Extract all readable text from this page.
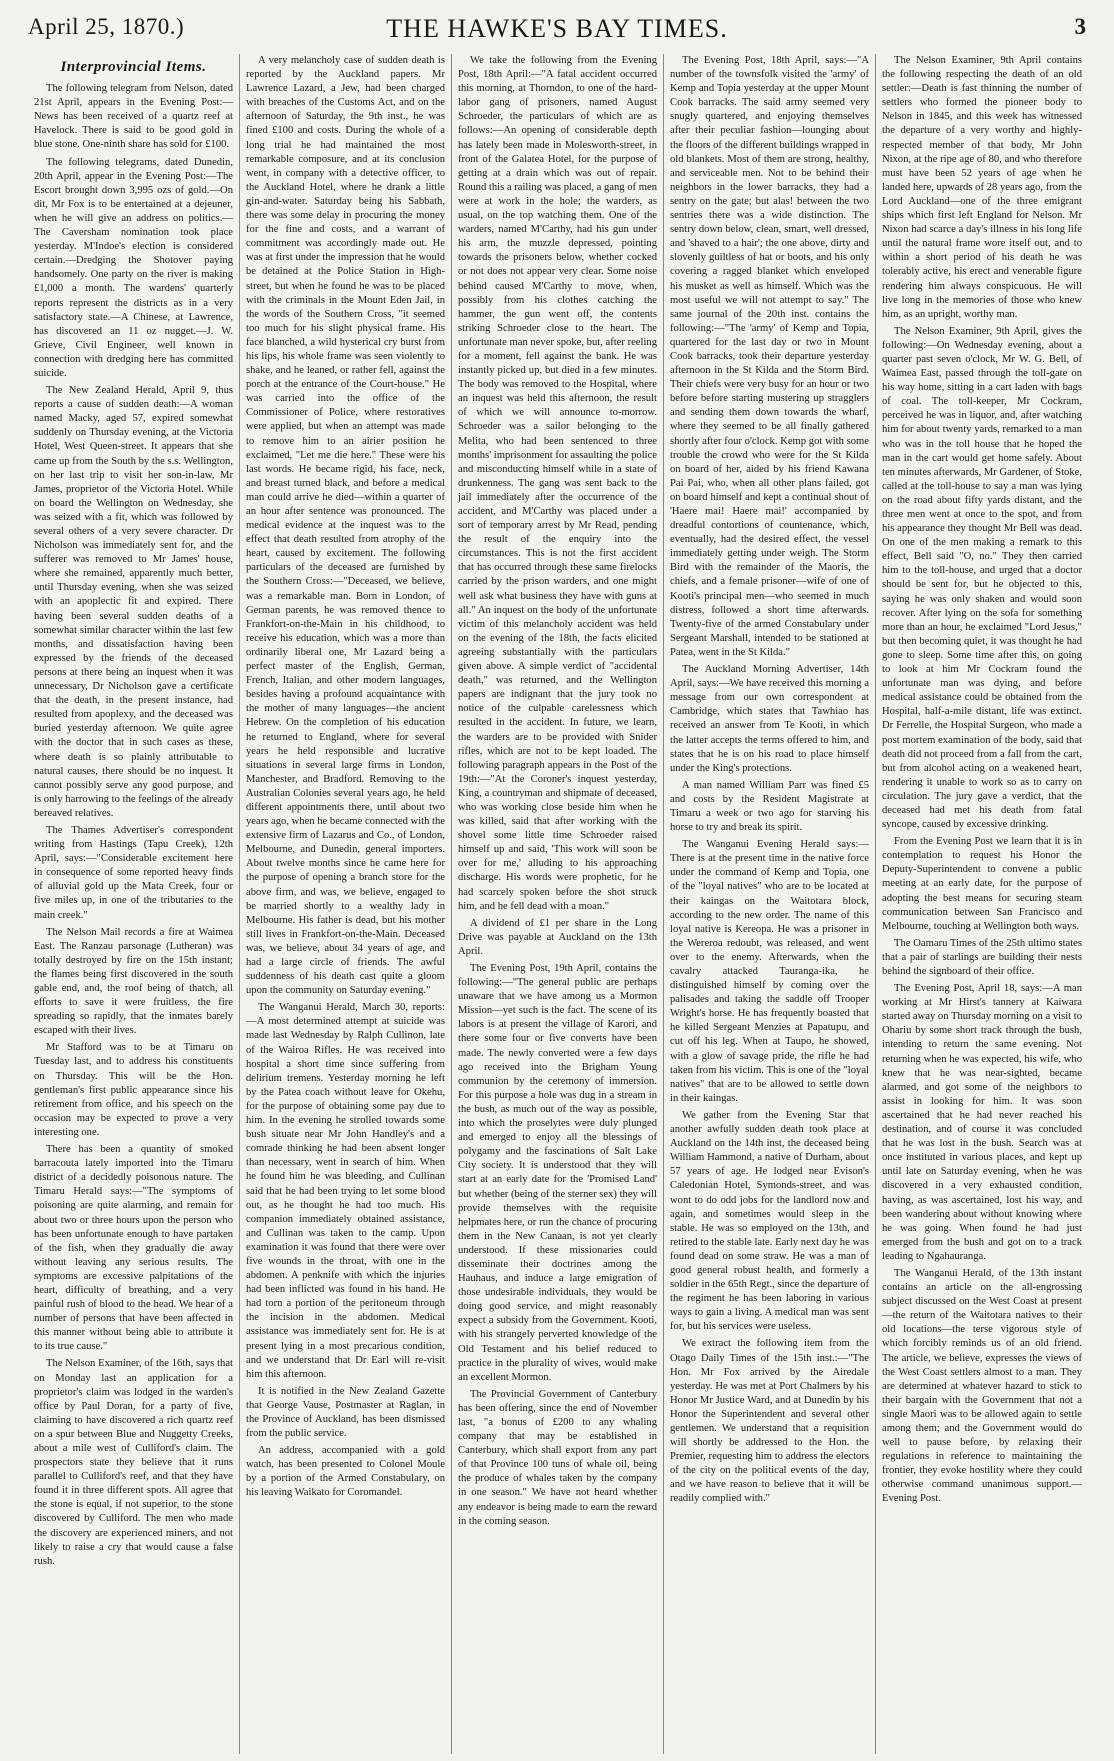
April 25, 1870.)	THE HAWKE'S BAY TIMES.	3
Interprovincial Items.

The following telegram from Nelson, dated 21st April, appears in the Evening Post:—News has been received of a quartz reef at Havelock. There is said to be good gold in blue stone. One-ninth share has sold for £100.

The following telegrams, dated Dunedin, 20th April, appear in the Evening Post:—The Escort brought down 3,995 ozs of gold.—On dit, Mr Fox is to be entertained at a dejeuner, when he will give an address on politics.—The Caversham nomination took place yesterday. M'Indoe's election is considered certain.—Dredging the Shotover paying handsomely. One party on the river is making £1,000 a month. The wardens' quarterly reports represent the districts as in a very satisfactory state.—A Chinese, at Lawrence, has discovered an 11 oz nugget.—J. W. Grieve, Civil Engineer, well known in connection with dredging here has committed suicide.

The New Zealand Herald, April 9, thus reports a cause of sudden death:—A woman named Macky, aged 57, expired somewhat suddenly on Thursday evening, at the Victoria Hotel, West Queen-street. It appears that she came up from the South by the s.s. Wellington, on her last trip to visit her son-in-law, Mr James, proprietor of the Victoria Hotel. While on board the Wellington on Wednesday, she was seized with a fit, which was followed by several others of a very severe character. Dr Nicholson was immediately sent for, and the sufferer was removed to Mr James' house, where she remained, apparently much better, until Thursday evening, when she was seized with an apoplectic fit and expired. There having been several sudden deaths of a somewhat similar character within the last few months, and dissatisfaction having been expressed by the friends of the deceased persons at there being an inquest when it was unnecessary, Dr Nicholson gave a certificate that the death, in the present instance, had resulted from apoplexy, and the deceased was buried yesterday afternoon. We quite agree with the doctor that in such cases as these, where death is so plainly attributable to natural causes, there should be no inquest. It cannot possibly serve any good purpose, and is only harrowing to the feelings of the already bereaved relatives.

The Thames Advertiser's correspondent writing from Hastings (Tapu Creek), 12th April, says:—"Considerable excitement here in consequence of some reported heavy finds of alluvial gold up the Mata Creek, four or five miles up, in one of the tributaries to the main creek."

The Nelson Mail records a fire at Waimea East. The Ranzau parsonage (Lutheran) was totally destroyed by fire on the 15th instant; the flames being first discovered in the south gable end, and, the roof being of thatch, all efforts to save it were fruitless, the fire spreading so rapidly, that the inmates barely escaped with their lives.

Mr Stafford was to be at Timaru on Tuesday last, and to address his constituents on Thursday. This will be the Hon. gentleman's first public appearance since his retirement from office, and his speech on the occasion may be expected to prove a very interesting one.

There has been a quantity of smoked barracouta lately imported into the Timaru district of a decidedly poisonous nature. The Timaru Herald says:—"The symptoms of poisoning are quite alarming, and remain for about two or three hours upon the person who has been unfortunate enough to have partaken of the fish, when they gradually die away without leaving any serious results. The symptoms are excessive palpitations of the heart, difficulty of breathing, and a very painful rush of blood to the head. We hear of a number of persons that have been affected in this manner without being able to attribute it to its true cause."

The Nelson Examiner, of the 16th, says that on Monday last an application for a proprietor's claim was lodged in the warden's office by Paul Doran, for a party of five, claiming to have discovered a rich quartz reef on a spur between Blue and Nuggetty Creeks, about a mile west of Culliford's claim. The prospectors state they believe that it runs parallel to Culliford's reef, and that they have found it in three different spots. All agree that the stone is equal, if not superior, to the stone discovered by Culliford. The men who made the discovery are experienced miners, and not likely to raise a cry that would cause a false rush.

A very melancholy case of sudden death is reported by the Auckland papers. Mr Lawrence Lazard, a Jew, had been charged with breaches of the Customs Act, and on the afternoon of Saturday, the 9th inst., he was fined £100 and costs. During the whole of a long trial he had maintained the most remarkable composure, and at its conclusion went, in company with a detective officer, to the Auckland Hotel, where he drank a little gin-and-water. Saturday being his Sabbath, there was some delay in procuring the money for the fine and costs, and a warrant of commitment was accordingly made out. He was at first under the impression that he would be detained at the Police Station in High-street, but when he found he was to be placed with the criminals in the Mount Eden Jail, in the words of the Southern Cross, "it seemed too much for his slight physical frame. His face blanched, a wild hysterical cry burst from his lips, his whole frame was seen violently to shake, and he leaned, or rather fell, against the porch at the entrance of the Court-house." He was carried into the office of the Commissioner of Police, where restoratives were applied, but when an attempt was made to remove him to an airier position he exclaimed, "Let me die here." These were his last words. He became rigid, his face, neck, and breast turned black, and before a medical man could arrive he died—within a quarter of an hour after sentence was pronounced. The medical evidence at the inquest was to the effect that death resulted from atrophy of the heart, caused by excitement. The following particulars of the deceased are furnished by the Southern Cross:—"Deceased, we believe, was a remarkable man. Born in London, of German parents, he was removed thence to Frankfort-on-the-Main in his childhood, to receive his education, which was a more than ordinarily liberal one, Mr Lazard being a perfect master of the English, German, French, Italian, and other modern languages, besides having a profound acquaintance with the mother of many languages—the ancient Hebrew. On the completion of his education he returned to England, where for several years he held responsible and lucrative situations in several large firms in London, Manchester, and Bradford. Removing to the Australian Colonies several years ago, he held different appointments there, until about two years ago, when he became connected with the extensive firm of Lazarus and Co., of London, Melbourne, and Dunedin, general importers. About twelve months since he came here for the purpose of opening a branch store for the above firm, and was, we believe, engaged to be married shortly to a wealthy lady in Melbourne. His father is dead, but his mother still lives in Frankfort-on-the-Main. Deceased was, we believe, about 34 years of age, and had a large circle of friends. The awful suddenness of his death cast quite a gloom upon the community on Saturday evening."

The Wanganui Herald, March 30, reports:—A most determined attempt at suicide was made last Wednesday by Ralph Cullinon, late of the Wairoa Rifles. He was received into hospital a short time since suffering from delirium tremens. Yesterday morning he left by the Patea coach without leave for Okehu, for the purpose of obtaining some pay due to him. In the evening he strolled towards some bush situate near Mr John Handley's and a comrade thinking he had been absent longer than necessary, went in search of him. When he found him he was bleeding, and Cullinan said that he had been trying to let some blood out, as he thought he had too much. His companion immediately obtained assistance, and Cullinan was taken to the camp. Upon examination it was found that there were over five wounds in the throat, with one in the abdomen. A penknife with which the injuries had been inflicted was found in his hand. He had torn a portion of the peritoneum through the incision in the abdomen. Medical assistance was immediately sent for. He is at present lying in a most precarious condition, and we understand that Dr Earl will re-visit him this afternoon.

It is notified in the New Zealand Gazette that George Vause, Postmaster at Raglan, in the Province of Auckland, has been dismissed from the public service.

An address, accompanied with a gold watch, has been presented to Colonel Moule by a portion of the Armed Constabulary, on his leaving Waikato for Coromandel.

We take the following from the Evening Post, 18th April:—"A fatal accident occurred this morning, at Thorndon, to one of the hard-labor gang of prisoners, named August Schroeder, the particulars of which are as follows:—An opening of considerable depth has lately been made in Molesworth-street, in front of the Galatea Hotel, for the purpose of getting at a drain which was out of repair. Round this a railing was placed, a gang of men were at work in the hole; the warders, as usual, on the top watching them. One of the warders, named M'Carthy, had his gun under his arm, the muzzle depressed, pointing towards the prisoners below, whether cocked or not does not appear very clear. Some noise behind caused M'Carthy to move, when, possibly from his clothes catching the hammer, the gun went off, the contents striking Schroeder close to the heart. The unfortunate man never spoke, but, after reeling for a moment, fell against the bank. He was instantly picked up, but died in a few minutes. The body was removed to the Hospital, where an inquest was held this afternoon, the result of which we will announce to-morrow. Schroeder was a sailor belonging to the Melita, who had been sentenced to three months' imprisonment for assaulting the police and misconducting himself while in a state of drunkenness. The gang was sent back to the jail immediately after the occurrence of the accident, and M'Carthy was placed under a sort of temporary arrest by Mr Read, pending the result of the enquiry into the circumstances. This is not the first accident that has occurred through these same firelocks carried by the prison warders, and one might well ask what business they have with guns at all." An inquest on the body of the unfortunate victim of this melancholy accident was held on the evening of the 18th, the facts elicited agreeing substantially with the particulars given above. A simple verdict of "accidental death," was returned, and the Wellington papers are indignant that the jury took no notice of the culpable carelessness which resulted in the accident. In future, we learn, the warders are to be provided with Snider rifles, which are not to be kept loaded. The following paragraph appears in the Post of the 19th:—"At the Coroner's inquest yesterday, King, a countryman and shipmate of deceased, who was working close beside him when he was killed, said that after working with the shovel some little time Schroeder raised himself up and said, 'This work will soon be over for me,' alluding to his approaching discharge. His words were prophetic, for he had scarcely spoken before the shot struck him, and he fell dead with a moan."

A dividend of £1 per share in the Long Drive was payable at Auckland on the 13th April.

The Evening Post, 19th April, contains the following:—"The general public are perhaps unaware that we have among us a Mormon Mission—yet such is the fact. The scene of its labors is at present the village of Karori, and there some four or five converts have been made. The newly converted were a few days ago received into the Brigham Young communion by the ceremony of immersion. For this purpose a hole was dug in a stream in the bush, as much out of the way as possible, into which the proselytes were duly plunged and emerged to enjoy all the blessings of polygamy and the fascinations of Salt Lake City society. It is understood that they will start at an early date for the 'Promised Land' but whether (being of the sterner sex) they will provide themselves with the requisite helpmates here, or run the chance of procuring them in the New Canaan, is not yet clearly understood. If these missionaries could disseminate their doctrines among the Hauhaus, and induce a large emigration of those undesirable individuals, they would be doing good service, and might reasonably expect a subsidy from the Government. Kooti, with his strangely perverted knowledge of the Old Testament and his belief reduced to practice in the plurality of wives, would make an excellent Mormon.

The Provincial Government of Canterbury has been offering, since the end of November last, "a bonus of £200 to any whaling company that may be established in Canterbury, which shall export from any part of that Province 100 tuns of whale oil, being the produce of whales taken by the company in one season." We have not heard whether any endeavor is being made to earn the reward in the coming season.

The Evening Post, 18th April, says:—"A number of the townsfolk visited the 'army' of Kemp and Topia yesterday at the upper Mount Cook barracks. The said army seemed very snugly quartered, and enjoying themselves after their peculiar fashion—lounging about the floors of the different buildings wrapped in old blankets. Most of them are strong, healthy, and serviceable men. Not to be behind their neighbors in the lower barracks, they had a sentry on the gate; but alas! between the two sentries there was a wide distinction. The sentry down below, clean, smart, well dressed, and 'shaved to a hair'; the one above, dirty and slovenly guiltless of hat or boots, and his only covering a ragged blanket which enveloped his musket as well as himself. Which was the most useful we will not attempt to say." The same journal of the 20th inst. contains the following:—"The 'army' of Kemp and Topia, quartered for the last day or two in Mount Cook barracks, took their departure yesterday afternoon in the St Kilda and the Storm Bird. Their chiefs were very busy for an hour or two before before starting mustering up stragglers and sending them down towards the wharf, where they seemed to be all finally gathered shortly after four o'clock. Kemp got with some trouble the crowd who were for the St Kilda on board of her, aided by his friend Kawana Pai Pai, who, when all other plans failed, got on board himself and kept a continual shout of 'Haere mai! Haere mai!' accompanied by dreadful contortions of countenance, which, eventually, had the desired effect, the vessel immediately getting under weigh. The Storm Bird with the remainder of the Maoris, the chiefs, and a female prisoner—wife of one of Kooti's principal men—who seemed in much distress, followed a short time afterwards. Twenty-five of the armed Constabulary under Sergeant Marshall, intended to be stationed at Patea, went in the St Kilda."

The Auckland Morning Advertiser, 14th April, says:—We have received this morning a message from our own correspondent at Cambridge, which states that Tawhiao has received an answer from Te Kooti, in which the latter accepts the terms offered to him, and states that he is on his road to place himself under the King's protections.

A man named William Parr was fined £5 and costs by the Resident Magistrate at Timaru a week or two ago for starving his horse to try and break its spirit.

The Wanganui Evening Herald says:—There is at the present time in the native force under the command of Kemp and Topia, one of the "loyal natives" who are to be located at their kaingas on the Waitotara block, according to the new order. The name of this loyal native is Kereopa. He was a prisoner in the Wereroa redoubt, was released, and went over to the enemy. Afterwards, when the cavalry attacked Tauranga-ika, he distinguished himself by coming over the palisades and taking the saddle off Trooper Wright's horse. He has frequently boasted that he killed Sergeant Menzies at Papatupu, and cut off his leg. When at Taupo, he showed, with a glow of savage pride, the rifle he had taken from his victim. This is one of the "loyal natives" that are to be allowed to settle down in their kaingas.

We gather from the Evening Star that another awfully sudden death took place at Auckland on the 14th inst, the deceased being William Hammond, a native of Durham, about 57 years of age. He lodged near Evison's Caledonian Hotel, Symonds-street, and was wont to do odd jobs for the landlord now and again, and sometimes would sleep in the stable. He was so employed on the 13th, and retired to the stable late. Early next day he was found dead on some straw. He was a man of good general robust health, and formerly a soldier in the 65th Regt., since the departure of the regiment he has been laboring in various ways to gain a living. A medical man was sent for, but his services were useless.

We extract the following item from the Otago Daily Times of the 15th inst.:—"The Hon. Mr Fox arrived by the Airedale yesterday. He was met at Port Chalmers by his Honor Mr Justice Ward, and at Dunedin by his Honor the Superintendent and several other gentlemen. We understand that a requisition will shortly be addressed to the Hon. the Premier, requesting him to address the electors of the city on the political events of the day, and we have reason to believe that it will be readily complied with."

The Nelson Examiner, 9th April contains the following respecting the death of an old settler:—Death is fast thinning the number of settlers who formed the pioneer body to Nelson in 1845, and this week has witnessed the departure of a very worthy and highly-respected member of that body, Mr John Nixon, at the ripe age of 80, and who therefore must have been 52 years of age when he landed here, upwards of 28 years ago, from the Lord Auckland—one of the three emigrant ships which first left England for Nelson. Mr Nixon had scarce a day's illness in his long life until the natural frame wore itself out, and to within a short period of his death he was tolerably active, his erect and venerable figure rendering him always conspicuous. He will live long in the memories of those who knew him, as an upright, worthy man.

The Nelson Examiner, 9th April, gives the following:—On Wednesday evening, about a quarter past seven o'clock, Mr W. G. Bell, of Waimea East, passed through the toll-gate on his way home, sitting in a cart laden with bags of coal. The toll-keeper, Mr Cockram, perceived he was in liquor, and, after watching him for about twenty yards, remarked to a man who was in the toll house that he hoped the man in the cart would get home safely. About ten minutes afterwards, Mr Gardener, of Stoke, called at the toll-house to say a man was lying on the road about fifty yards distant, and the three men went at once to the spot, and from his appearance they thought Mr Bell was dead. On one of the men making a remark to this effect, Bell said "O, no." They then carried him to the toll-house, and urged that a doctor should be sent for, but he objected to this, saying he was only shaken and would soon recover. After lying on the sofa for something more than an hour, he exclaimed "Lord Jesus," but then becoming quiet, it was thought he had gone to sleep. Some time after this, on going to look at him Mr Cockram found the unfortunate man was dying, and before medical assistance could be obtained from the Hospital, half-a-mile distant, life was extinct. Dr Ferrelle, the Hospital Surgeon, who made a post mortem examination of the body, said that death did not proceed from a fall from the cart, but from alcohol acting on a weakened heart, rendering it unable to work so as to carry on circulation. The jury gave a verdict, that the deceased had met his death from fatal syncope, caused by excessive drinking.

From the Evening Post we learn that it is in contemplation to request his Honor the Deputy-Superintendent to convene a public meeting at an early date, for the purpose of adopting the best means for securing steam communication between San Francisco and Melbourne, touching at Wellington both ways.

The Oamaru Times of the 25th ultimo states that a pair of starlings are building their nests behind the signboard of their office.

The Evening Post, April 18, says:—A man working at Mr Hirst's tannery at Kaiwara started away on Thursday morning on a visit to Ohariu by some short track through the bush, intending to return the same evening. Not returning when he was expected, his wife, who knew that he was near-sighted, became alarmed, and got some of the neighbors to assist in looking for him. It was soon ascertained that he had never reached his destination, and of course it was concluded that he was lost in the bush. Search was at once instituted in various places, and kept up until late on Saturday evening, when he was discovered in a very exhausted condition, having, as was ascertained, lost his way, and been wandering about without knowing where he was going. When found he had just emerged from the bush and got on to a track leading to Ngahauranga.

The Wanganui Herald, of the 13th instant contains an article on the all-engrossing subject discussed on the West Coast at present—the return of the Waitotara natives to their old locations—the terse vigorous style of which forcibly reminds us of an old friend. The article, we believe, expresses the views of the West Coast settlers almost to a man. They are determined at whatever hazard to stick to their bargain with the Government that not a single Maori was to be allowed again to settle among them; and the Government would do well to pause before, by relaxing their regulations in reference to maintaining the frontier, they evoke hostility where they could otherwise command unanimous support.—Evening Post.
